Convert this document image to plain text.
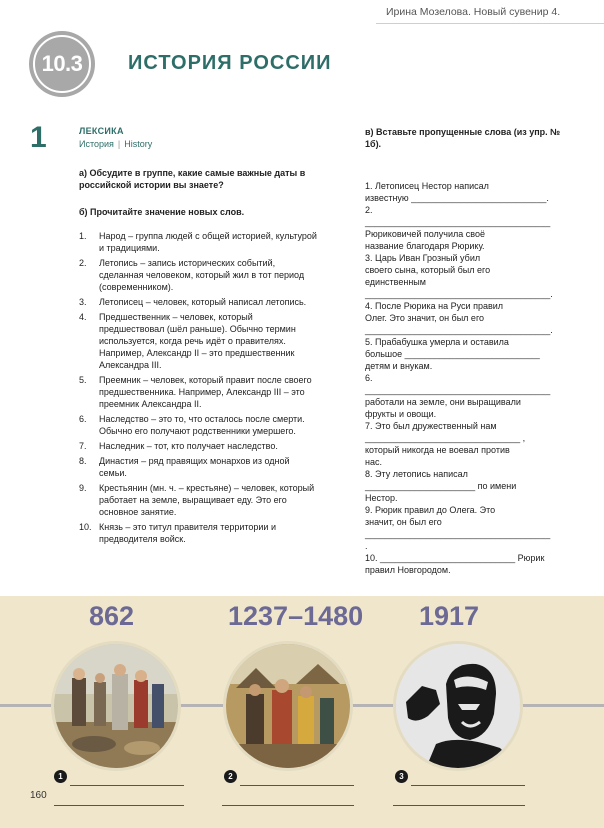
Ирина Мозелова. Новый сувенир 4.
10.3	ИСТОРИЯ РОССИИ
1	ЛЕКСИКА
История | History
а) Обсудите в группе, какие самые важные даты в российской истории вы знаете?
б) Прочитайте значение новых слов.
1.	Народ – группа людей с общей историей, культурой и традициями.
2.	Летопись – запись исторических событий, сделанная человеком, который жил в тот период (современником).
3.	Летописец – человек, который написал летопись.
4.	Предшественник – человек, который предшествовал (шёл раньше). Обычно термин используется, когда речь идёт о правителях. Например, Александр II – это предшественник Александра III.
5.	Преемник – человек, который правит после своего предшественника. Например, Александр III – это преемник Александра II.
6.	Наследство – это то, что осталось после смерти. Обычно его получают родственники умершего.
7.	Наследник – тот, кто получает наследство.
8.	Династия – ряд правящих монархов из одной семьи.
9.	Крестьянин (мн. ч. – крестьяне) – человек, который работает на земле, выращивает еду. Это его основное занятие.
10. Князь – это титул правителя территории и предводителя войск.
в) Вставьте пропущенные слова (из упр. № 1б).

1. Летописец Нестор написал

известную ___________________________.

2. _____________________________________

Рюриковичей получила своё

название благодаря Рюрику.

3. Царь Иван Грозный убил

своего сына, который был его

единственным

_____________________________________.

4. После Рюрика на Руси правил

Олег. Это значит, он был его

_____________________________________.

5. Прабабушка умерла и оставила

большое ___________________________

детям и внукам.

6. _____________________________________

работали на земле, они выращивали

фрукты и овощи.

7. Это был дружественный нам

_______________________________ ,

который никогда не воевал против

нас.

8. Эту летопись написал

______________________ по имени

Нестор.

9. Рюрик правил до Олега. Это

значит, он был его

_____________________________________ .

10. ___________________________ Рюрик

правил Новгородом.

862	1237–1480 1917
1	2	3
160
